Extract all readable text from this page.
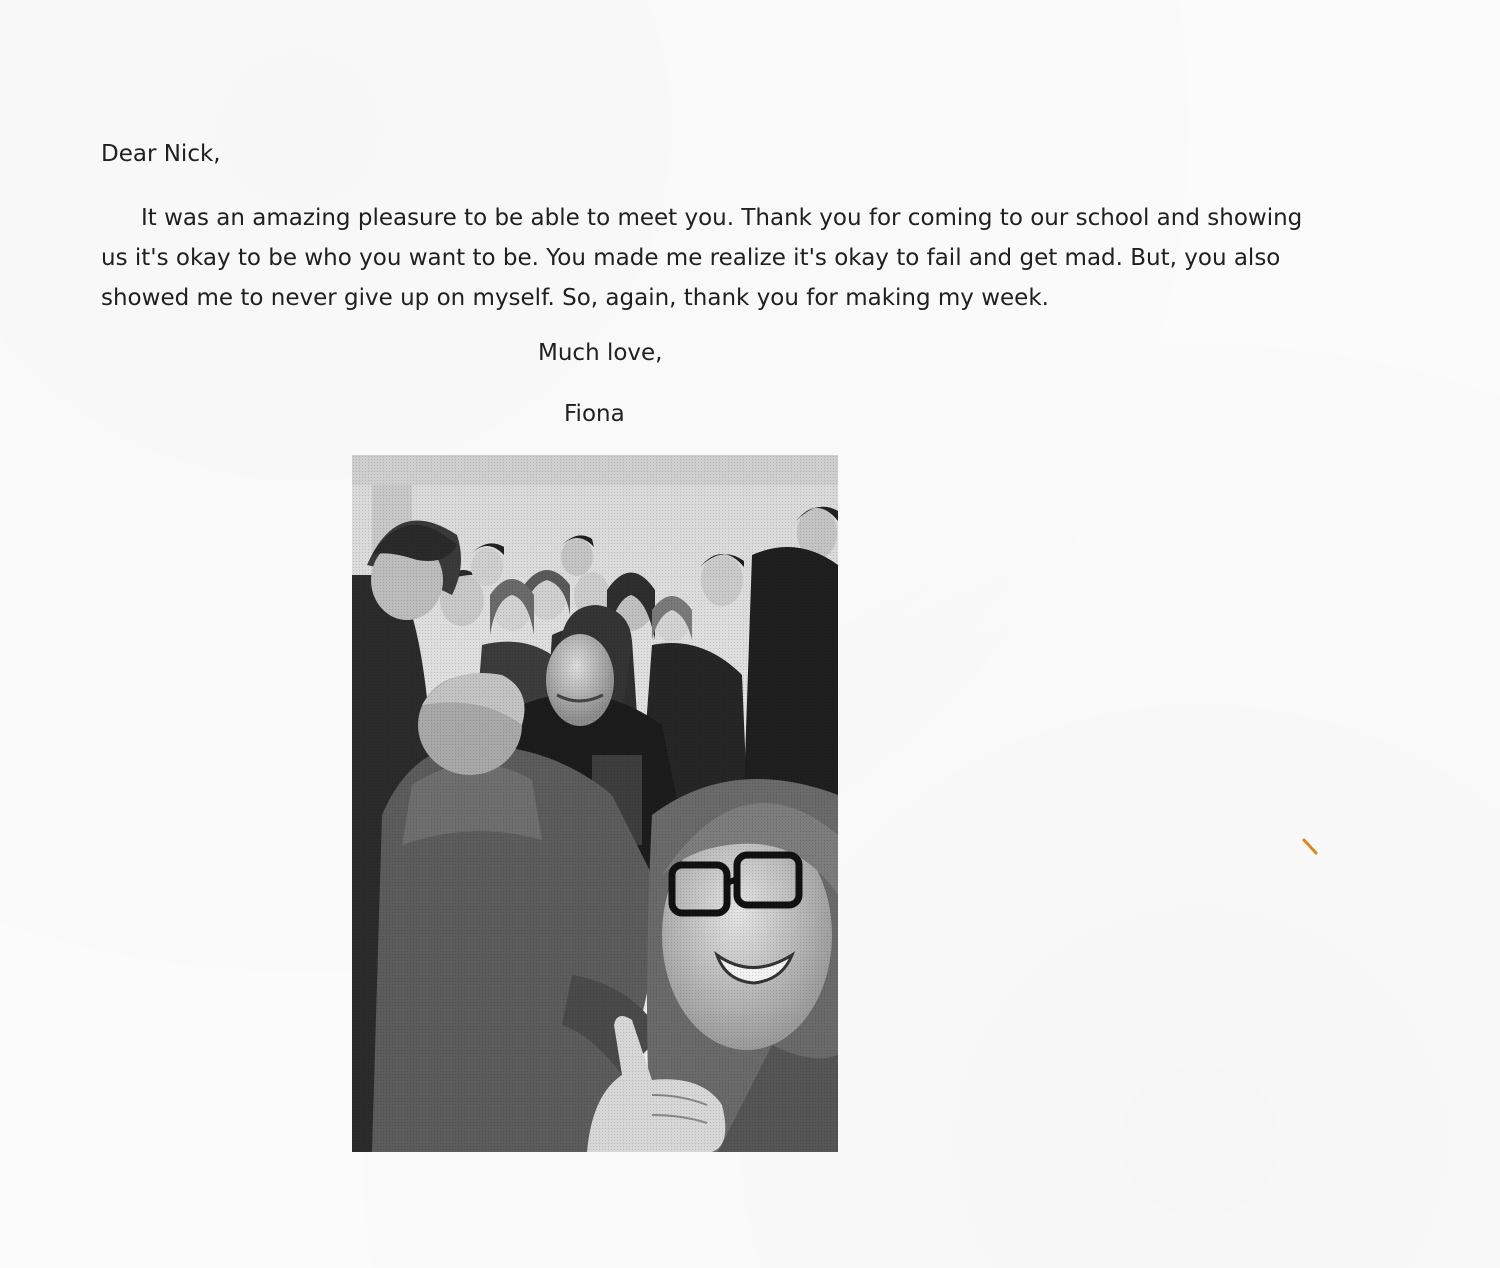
Dear Nick,
It was an amazing pleasure to be able to meet you. Thank you for coming to our school and showing
us it's okay to be who you want to be. You made me realize it's okay to fail and get mad. But, you also
showed me to never give up on myself. So, again, thank you for making my week.
Much love,
Fiona
